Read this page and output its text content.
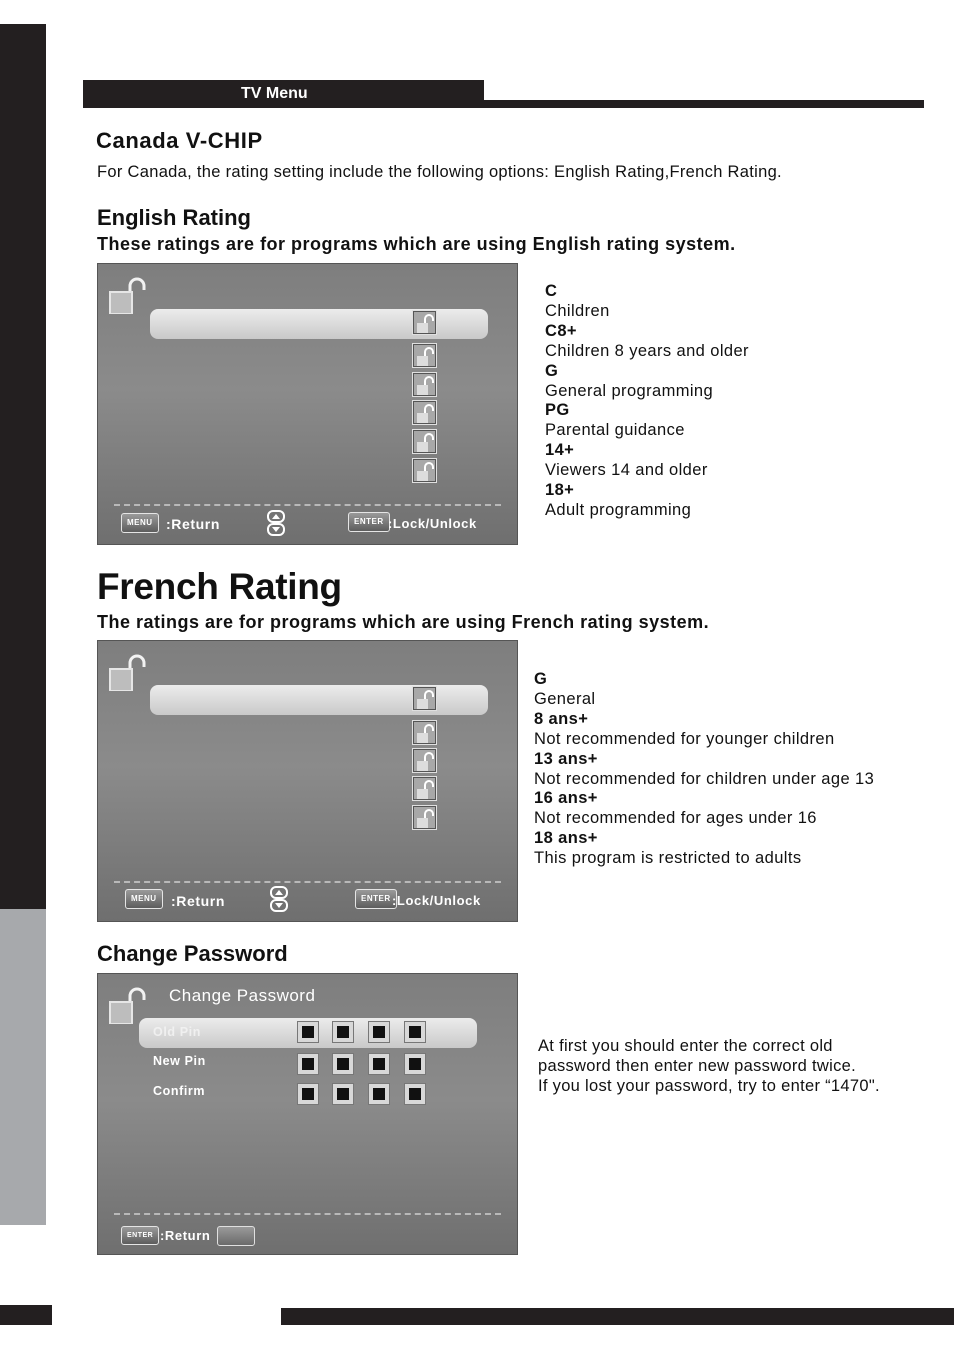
TV Menu
Canada V-CHIP
For Canada, the rating setting include the following options: English Rating,French Rating.
English Rating
These ratings are for programs which are using English rating system.
MENU :Return	ENTER :Lock/Unlock
C
Children
C8+
Children 8 years and older
G
General programming
PG
Parental guidance
14+
Viewers 14 and older
18+
Adult programming
French Rating
The ratings are for programs which are using French rating system.
MENU	:Return	ENTER :Lock/Unlock
G
General
8 ans+
Not recommended for younger children
13 ans+
Not recommended for children under age 13
16 ans+
Not recommended for ages under 16
18 ans+
This program is restricted to adults
Change Password
Change Password
Old Pin
New Pin
Confirm
ENTER :Return
At first you should enter the correct old
password then enter new password twice.
If you lost your password, try to enter “1470".
